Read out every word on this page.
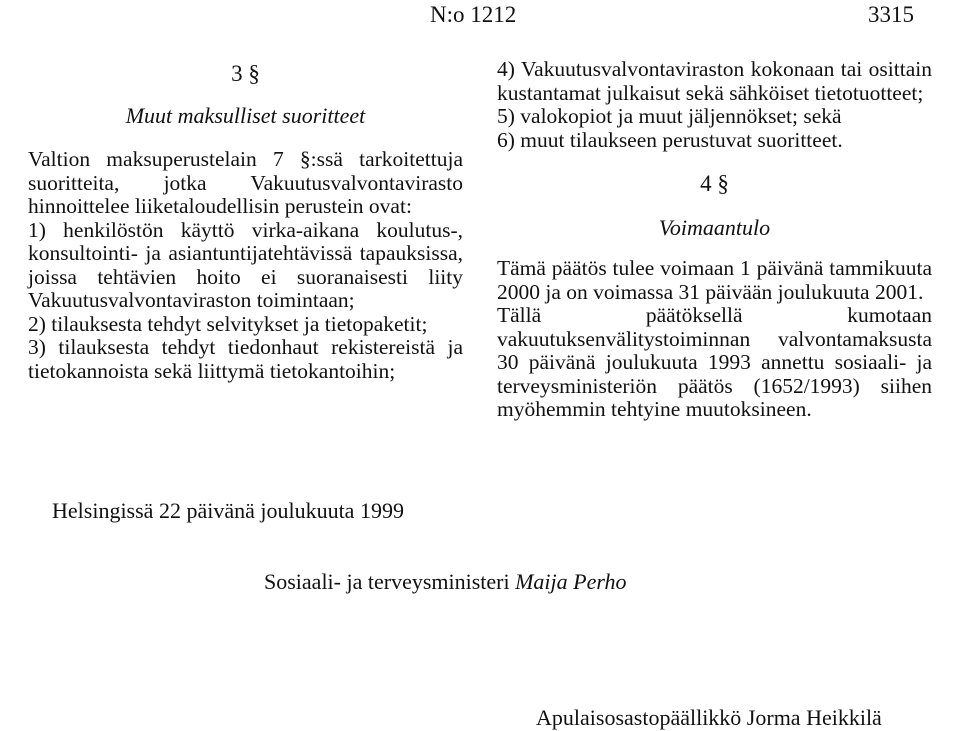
N:o 1212	3315

3 §

Muut maksulliset suoritteet

Valtion maksuperustelain 7 §:ssä tarkoitettuja suoritteita, jotka Vakuutusvalvontavirasto hinnoittelee liiketaloudellisin perustein ovat:

1) henkilöstön käyttö virka-aikana koulutus-, konsultointi- ja asiantuntijatehtävissä tapauksissa, joissa tehtävien hoito ei suoranaisesti liity Vakuutusvalvontaviraston toimintaan;

2) tilauksesta tehdyt selvitykset ja tietopaketit;

3) tilauksesta tehdyt tiedonhaut rekistereistä ja tietokannoista sekä liittymä tietokantoihin;

4) Vakuutusvalvontaviraston kokonaan tai osittain kustantamat julkaisut sekä sähköiset tietotuotteet;

5) valokopiot ja muut jäljennökset; sekä

6) muut tilaukseen perustuvat suoritteet.

4 §

Voimaantulo

Tämä päätös tulee voimaan 1 päivänä tammikuuta 2000 ja on voimassa 31 päivään joulukuuta 2001.

Tällä päätöksellä kumotaan vakuutuksenvälitystoiminnan valvontamaksusta 30 päivänä joulukuuta 1993 annettu sosiaali- ja terveysministeriön päätös (1652/1993) siihen myöhemmin tehtyine muutoksineen.

Helsingissä 22 päivänä joulukuuta 1999
Sosiaali- ja terveysministeri Maija Perho
Apulaisosastopäällikkö Jorma Heikkilä
